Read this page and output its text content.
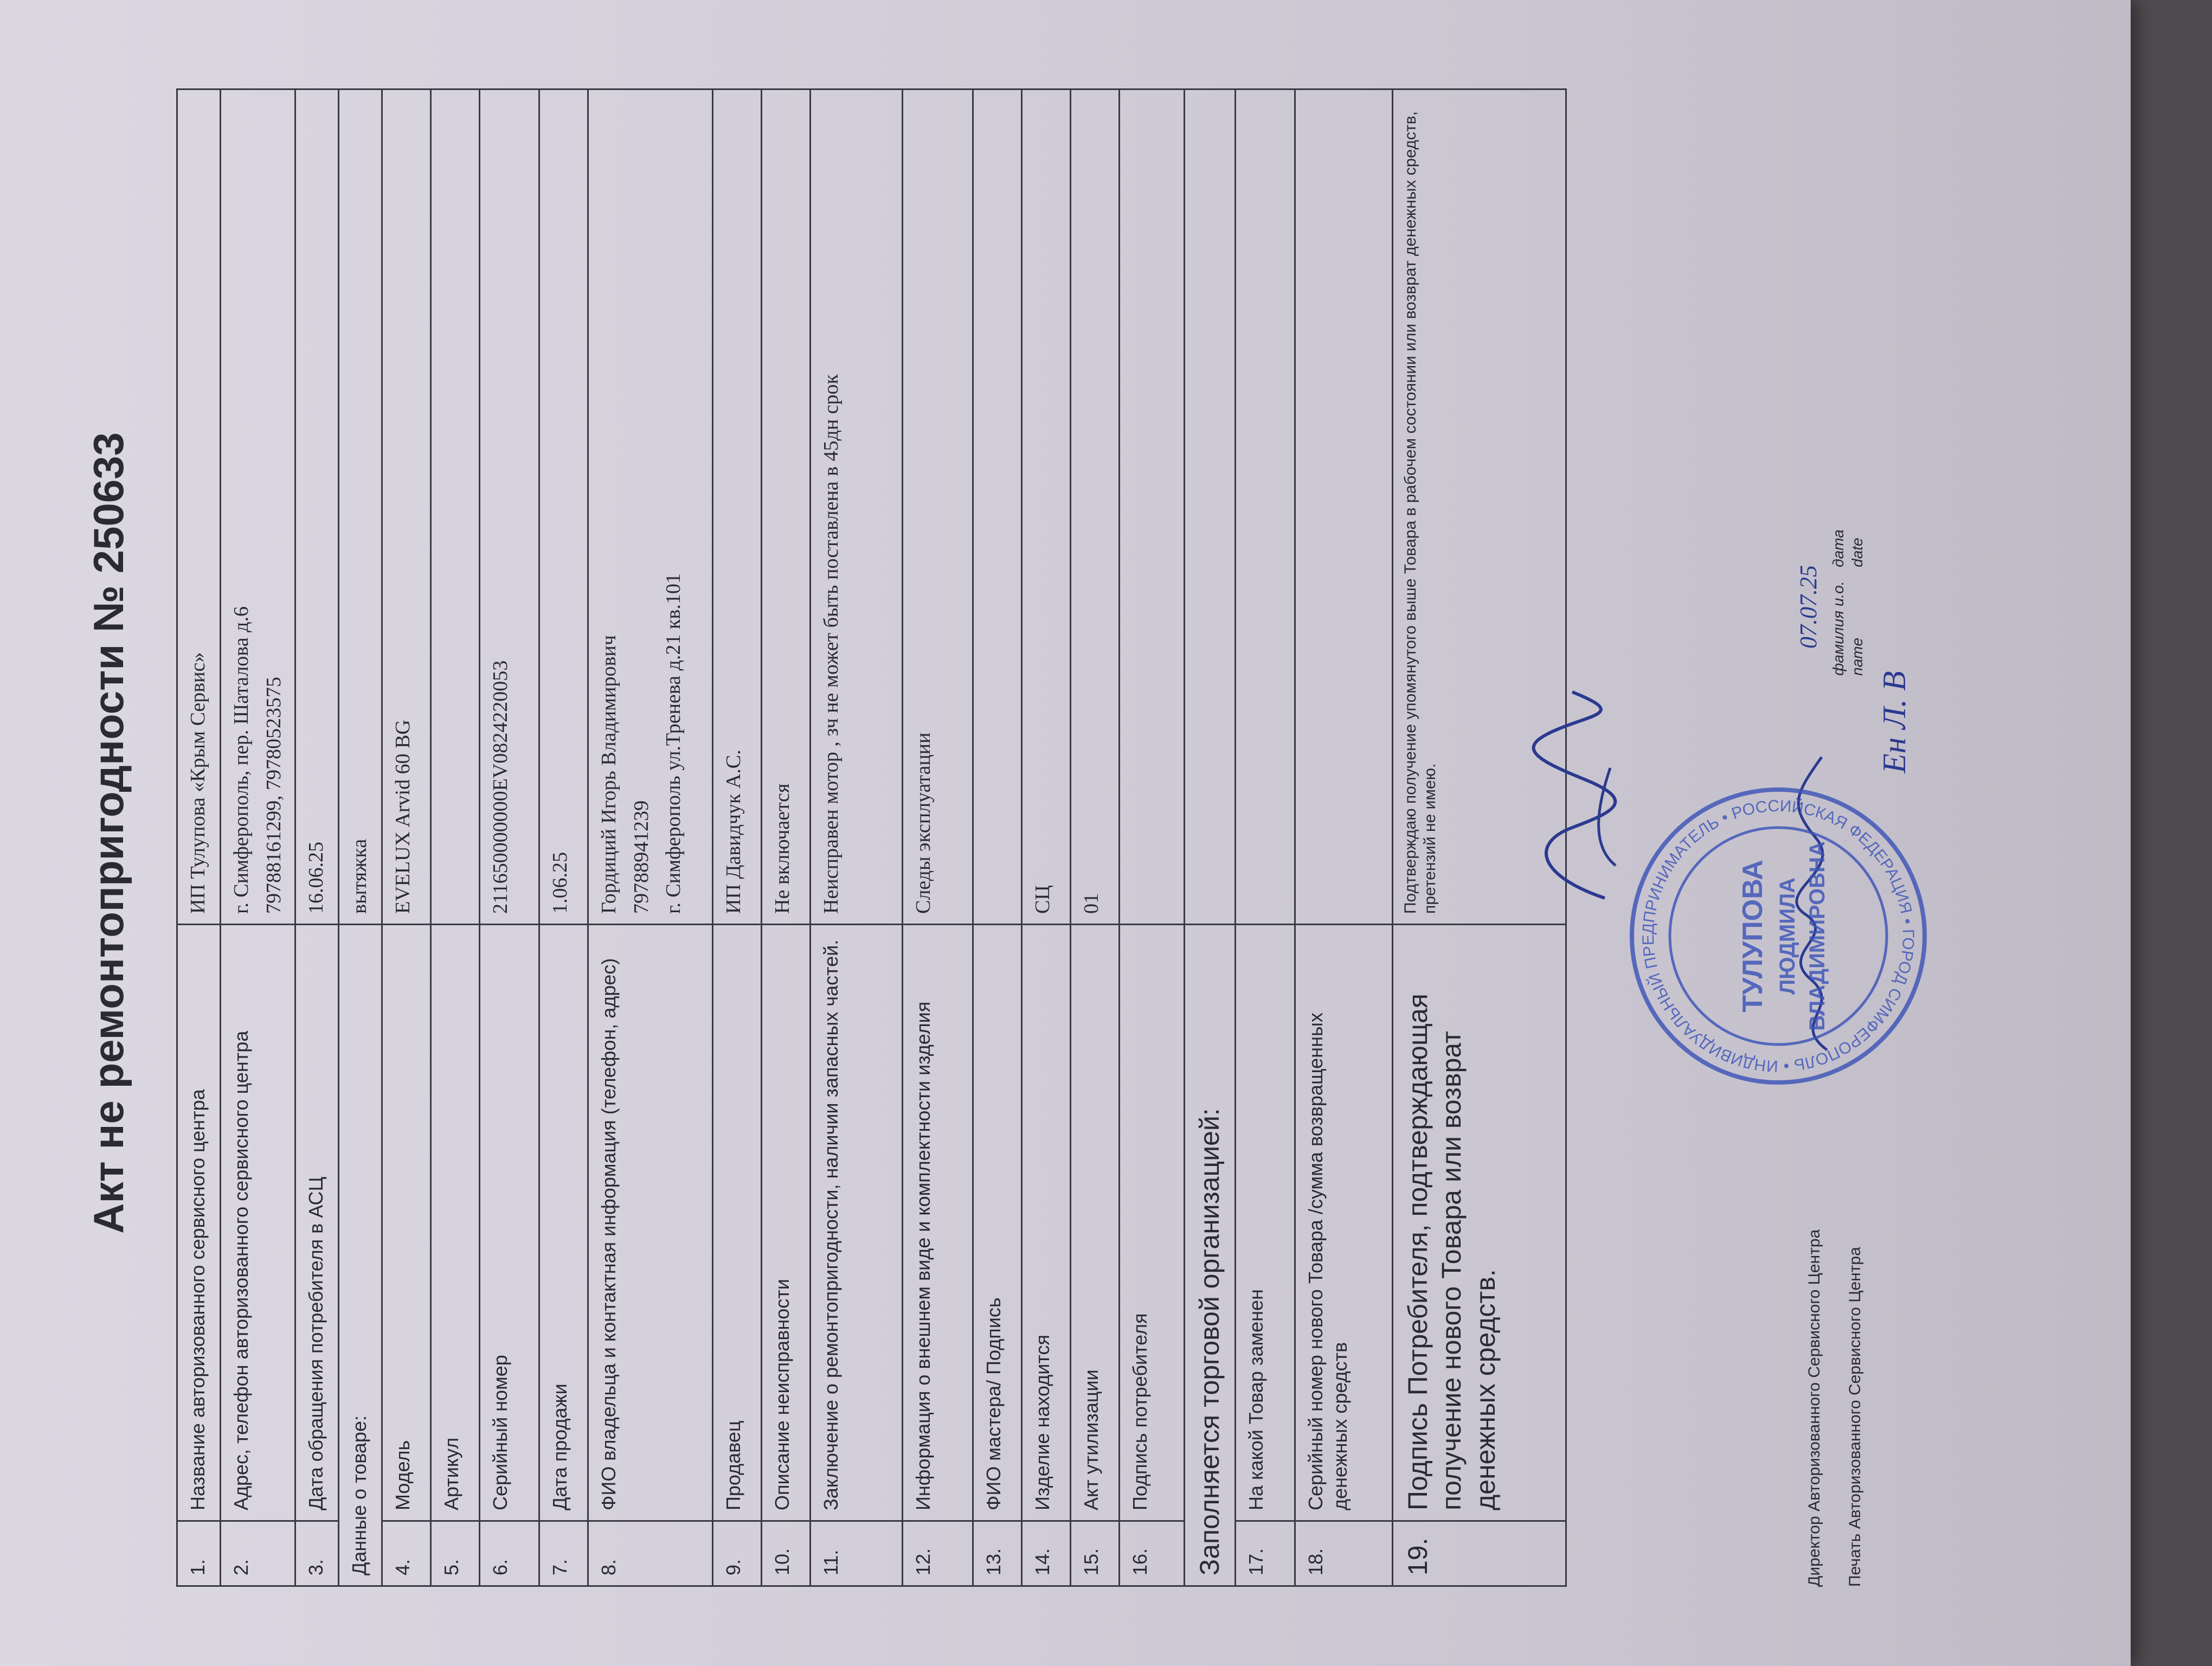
Акт не ремонтопригодности № 250633
1.	Название авторизованного сервисного центра	ИП Тулупова «Крым Сервис»

2.	Адрес, телефон авторизованного сервисного центра	г. Симферополь, пер. Шаталова д.6 79788161299, 79780523575

3.	Дата обращения потребителя в АСЦ	16.06.25

Данные о товаре:		вытяжка

4.	Модель	EVELUX Arvid 60 BG

5.	Артикул	

6.	Серийный номер	211650000000EV0824220053

7.	Дата продажи	1.06.25

8.	ФИО владельца и контактная информация (телефон, адрес)	Гордиций Игорь Владимирович 79788941239 г. Симферополь ул.Тренева д.21 кв.101

9.	Продавец	ИП Давидчук А.С.

10.	Описание неисправности	Не включается

11.	Заключение о ремонтопригодности, наличии запасных частей.	Неисправен мотор , зч не может быть поставлена в 45дн срок

12.	Информация о внешнем виде и комплектности изделия	Следы эксплуатации

13.	ФИО мастера/ Подпись	

14.	Изделие находится	СЦ

15.	Акт утилизации	01

16.	Подпись потребителя	

Заполняется торговой организацией:		

17.	На какой Товар заменен	

18.	Серийный номер нового Товара /сумма возвращенных денежных средств	

19.	Подпись Потребителя, подтверждающая получение нового Товара или возврат денежных средств.	Подтверждаю получение упомянутого выше Товара в рабочем состоянии или возврат денежных средств, претензий не имею.
Директор Авторизованного Сервисного Центра Печать Авторизованного Сервисного Центра
07.07.25 фамилия и.о.
дата
name
date
Ен Л. В
ИНДИВИДУАЛЬНЫЙ ПРЕДПРИНИМАТЕЛЬ • РОССИЙСКАЯ ФЕДЕРАЦИЯ • ГОРОД СИМФЕРОПОЛЬ •
ТУЛУПОВА ЛЮДМИЛА ВЛАДИМИРОВНА
